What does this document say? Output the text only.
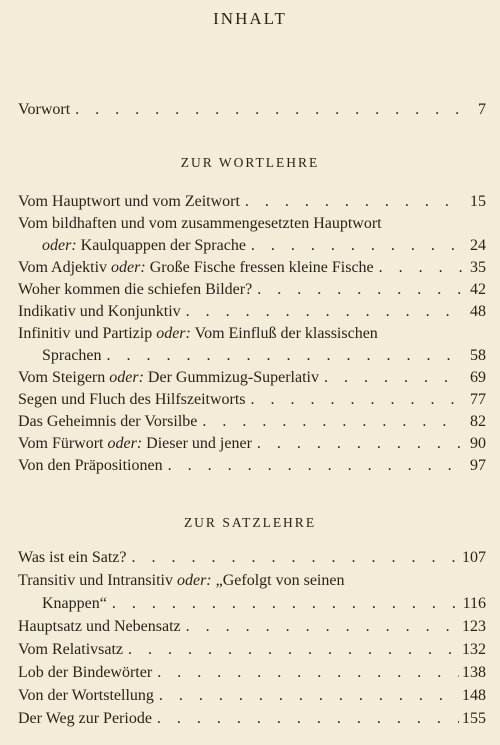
INHALT
Vorwort . . .	7
ZUR WORTLEHRE
Vom Hauptwort und vom Zeitwort . . .	15
Vom bildhaften und vom zusammengesetzten Hauptwort
oder: Kaulquappen der Sprache . . .	24
Vom Adjektiv oder: Große Fische fressen kleine Fische . . .	35
Woher kommen die schiefen Bilder? . . .	42
Indikativ und Konjunktiv . . .	48
Infinitiv und Partizip oder: Vom Einfluß der klassischen
Sprachen . . .	58
Vom Steigern oder: Der Gummizug-Superlativ . . .	69
Segen und Fluch des Hilfszeitworts . . .	77
Das Geheimnis der Vorsilbe . . .	82
Vom Fürwort oder: Dieser und jener . . .	90
Von den Präpositionen . . .	97
ZUR SATZLEHRE
Was ist ein Satz? . . .	107
Transitiv und Intransitiv oder: „Gefolgt von seinen
Knappen“ . . .	116
Hauptsatz und Nebensatz . . .	123
Vom Relativsatz . . .	132
Lob der Bindewörter . . .	138
Von der Wortstellung . . .	148
Der Weg zur Periode . . .	155
